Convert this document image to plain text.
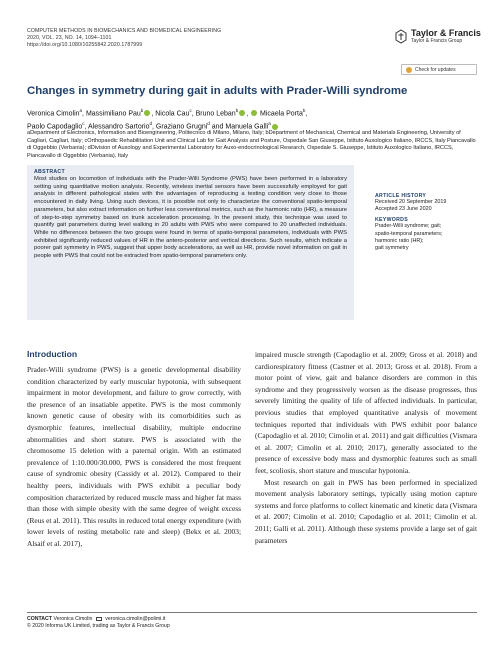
COMPUTER METHODS IN BIOMECHANICS AND BIOMEDICAL ENGINEERING
2020, VOL. 23, NO. 14, 1094–1101
https://doi.org/10.1080/10255842.2020.1787999
Taylor & Francis
Taylor & Francis Group
Check for updates
Changes in symmetry during gait in adults with Prader-Willi syndrome
Veronica Cimolin$^a$, Massimiliano Pau$^b$ , Nicola Cau$^c$, Bruno Leban$^b$ ,  Micaela Porta$^b$,
Paolo Capodaglio$^c$, Alessandro Sartorio$^d$, Graziano Grugni$^d$ and Manuela Galli$^a$
aDepartment of Electronics, Information and Bioengineering, Politecnico di Milano, Milano, Italy; bDepartment of Mechanical, Chemical and Materials Engineering, University of Cagliari, Cagliari, Italy; cOrthopaedic Rehabilitation Unit and Clinical Lab for Gait Analysis and Posture, Ospedale San Giuseppe, Istituto Auxologico Italiano, IRCCS, Italy Piancavallo di Oggebbio (Verbania); dDivision of Auxology and Experimental Laboratory for Auxo-endocrinological Research, Ospedale S. Giuseppe, Istituto Auxologico Italiano, IRCCS, Piancavallo di Oggebbio (Verbania), Italy
ABSTRACT
Most studies on locomotion of individuals with the Prader-Willi Syndrome (PWS) have been performed in a laboratory setting using quantitative motion analysis. Recently, wireless inertial sensors have been successfully employed for gait analysis in different pathological states with the advantages of reproducing a testing condition very close to those encountered in daily living. Using such devices, it is possible not only to characterize the conventional spatio-temporal parameters, but also extract information on further less conventional metrics, such as the harmonic ratio (HR), a measure of step-to-step symmetry based on trunk acceleration processing. In the present study, this technique was used to quantify gait parameters during level walking in 20 adults with PWS who were compared to 20 unaffected individuals. While no differences between the two groups were found in terms of spatio-temporal parameters, individuals with PWS exhibited significantly reduced values of HR in the antero-posterior and vertical directions. Such results, which indicate a poorer gait symmetry in PWS, suggest that upper body accelerations, as well as HR, provide novel information on gait in people with PWS that could not be extracted from spatio-temporal parameters only.
ARTICLE HISTORY
Received 20 September 2019
Accepted 23 June 2020
KEYWORDS
Prader-Willi syndrome; gait;
spatio-temporal parameters;
harmonic ratio (HR);
gait symmetry
Introduction

Prader-Willi syndrome (PWS) is a genetic developmental disability condition characterized by early muscular hypotonia, with subsequent impairment in motor development, and failure to grow correctly, with the presence of an insatiable appetite. PWS is the most commonly known genetic cause of obesity with its comorbidities such as dysmorphic features, intellectual disability, multiple endocrine abnormalities and short stature. PWS is associated with the chromosome 15 deletion with a paternal origin. With an estimated prevalence of 1:10.000/30.000, PWS is considered the most frequent cause of syndromic obesity (Cassidy et al. 2012). Compared to their healthy peers, individuals with PWS exhibit a peculiar body composition characterized by reduced muscle mass and higher fat mass than those with simple obesity with the same degree of weight excess (Reus et al. 2011). This results in reduced total energy expenditure (with lower levels of resting metabolic rate and sleep) (Bekx et al. 2003; Alsaif et al. 2017),

impaired muscle strength (Capodaglio et al. 2009; Gross et al. 2018) and cardiorespiratory fitness (Castner et al. 2013; Gross et al. 2018). From a motor point of view, gait and balance disorders are common in this syndrome and they progressively worsen as the disease progresses, thus severely limiting the quality of life of affected individuals. In particular, previous studies that employed quantitative analysis of movement techniques reported that individuals with PWS exhibit poor balance (Capodaglio et al. 2010; Cimolin et al. 2011) and gait difficulties (Vismara et al. 2007; Cimolin et al. 2010; 2017), generally associated to the presence of excessive body mass and dysmorphic features such as small feet, scoliosis, short stature and muscular hypotonia.

Most research on gait in PWS has been performed in specialized movement analysis laboratory settings, typically using motion capture systems and force platforms to collect kinematic and kinetic data (Vismara et al. 2007; Cimolin et al. 2010; Capodaglio et al. 2011; Cimolin et al. 2011; Galli et al. 2011). Although these systems provide a large set of gait parameters

CONTACT Veronica Cimolin veronica.cimolin@polimi.it
© 2020 Informa UK Limited, trading as Taylor & Francis Group
